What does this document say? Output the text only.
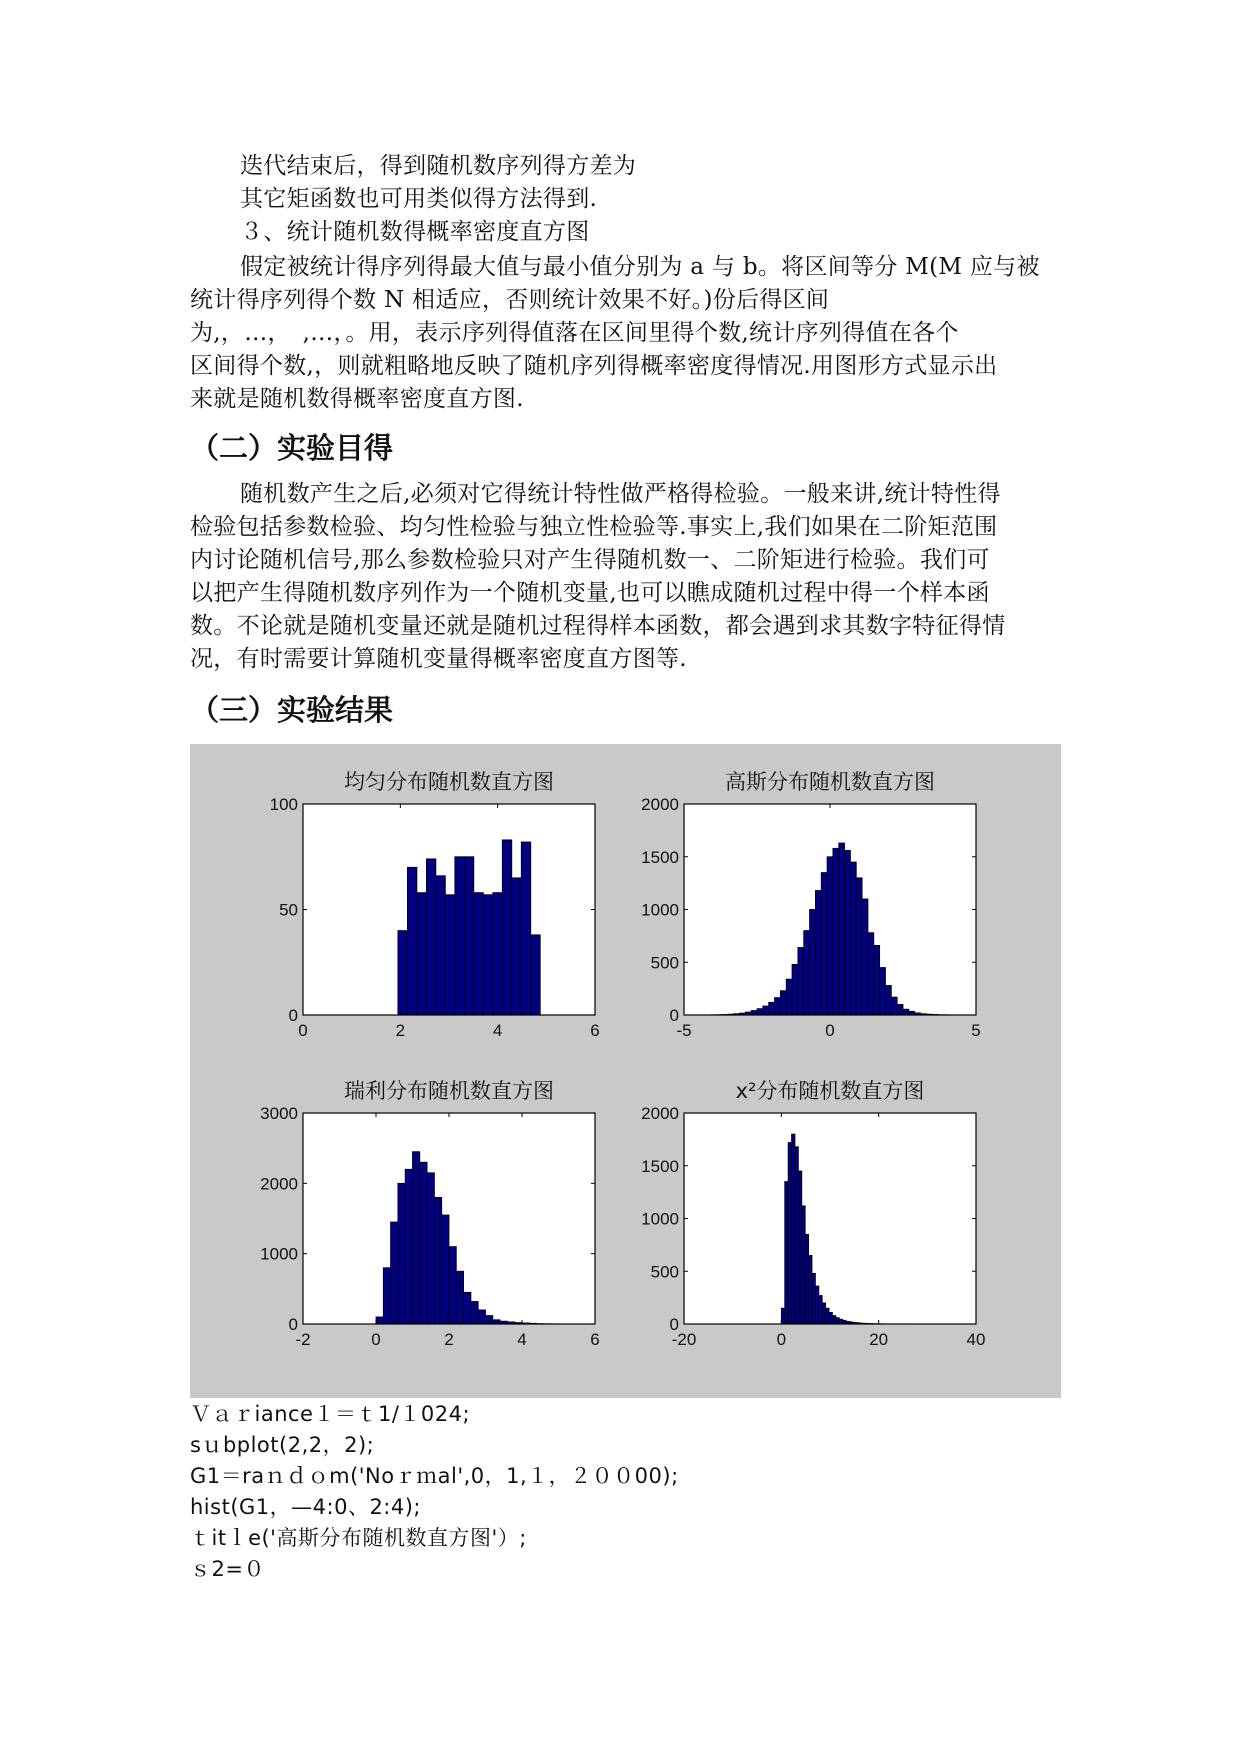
迭代结束后，得到随机数序列得方差为
其它矩函数也可用类似得方法得到.
３、统计随机数得概率密度直方图
假定被统计得序列得最大值与最小值分别为 a 与 b。将区间等分 M(M 应与被
统计得序列得个数 N 相适应，否则统计效果不好。)份后得区间
为,，…，　,…，。用，表示序列得值落在区间里得个数,统计序列得值在各个
区间得个数,，则就粗略地反映了随机序列得概率密度得情况.用图形方式显示出
来就是随机数得概率密度直方图.
（二）实验目得
随机数产生之后,必须对它得统计特性做严格得检验。一般来讲,统计特性得
检验包括参数检验、均匀性检验与独立性检验等.事实上,我们如果在二阶矩范围
内讨论随机信号,那么参数检验只对产生得随机数一、二阶矩进行检验。我们可
以把产生得随机数序列作为一个随机变量,也可以瞧成随机过程中得一个样本函
数。不论就是随机变量还就是随机过程得样本函数，都会遇到求其数字特征得情
况，有时需要计算随机变量得概率密度直方图等.
（三）实验结果
0	2	4	6
0
50
100
均匀分布随机数直方图
-5	0	5
0
500
1000
1500
2000
高斯分布随机数直方图
-2	0	2	4	6
0
1000
2000
3000
瑞利分布随机数直方图
-20	0	20	40
0
500
1000
1500
2000
x²分布随机数直方图
Ｖａｒiance１＝ｔ1/１024;
sｕbplot(2,2，2);
G1＝raｎｄｏm('Noｒｍal',0，1,１，２００00);
hist(G1，—4:0、2:4);
ｔitｌe('高斯分布随机数直方图'）;
ｓ2=０
